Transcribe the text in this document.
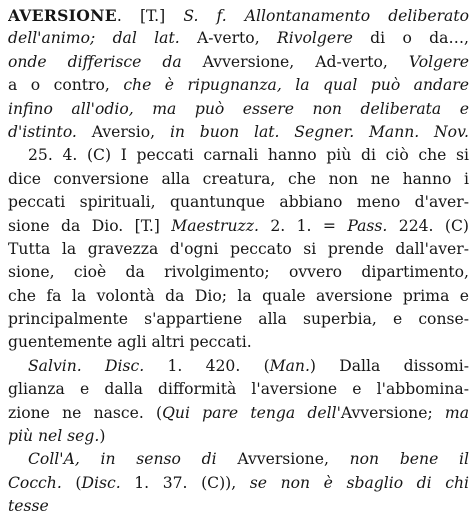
AVERSIONE. [T.] S. f. Allontanamento deliberato
dell'animo; dal lat. A-verto, Rivolgere di o da…,
onde differisce da Avversione, Ad-verto, Volgere
a o contro, che è ripugnanza, la qual può andare
infino all'odio, ma può essere non deliberata e
d'istinto. Aversio, in buon lat. Segner. Mann. Nov.
25. 4. (C) I peccati carnali hanno più di ciò che si
dice conversione alla creatura, che non ne hanno i
peccati spirituali, quantunque abbiano meno d'aver-
sione da Dio. [T.] Maestruzz. 2. 1. = Pass. 224. (C)
Tutta la gravezza d'ogni peccato si prende dall'aver-
sione, cioè da rivolgimento; ovvero dipartimento,
che fa la volontà da Dio; la quale aversione prima e
principalmente s'appartiene alla superbia, e conse-
guentemente agli altri peccati.
Salvin. Disc. 1. 420. (Man.) Dalla dissomi-
glianza e dalla difformità l'aversione e l'abbomina-
zione ne nasce. (Qui pare tenga dell'Avversione; ma
più nel seg.)
Coll'A, in senso di Avversione, non bene il
Cocch. (Disc. 1. 37. (C)), se non è sbaglio di chi
tesse
